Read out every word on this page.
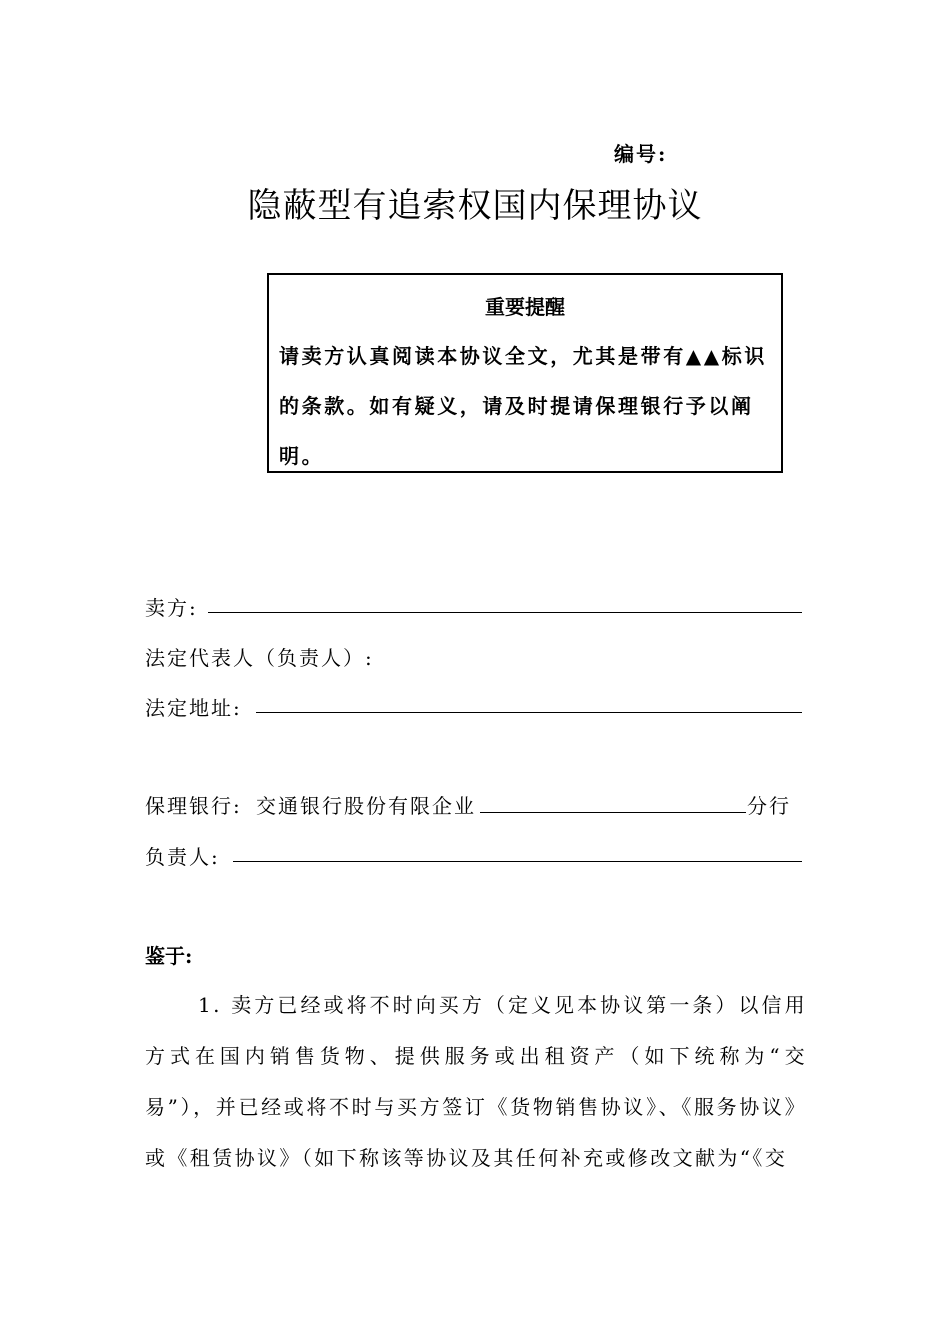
编号:
隐蔽型有追索权国内保理协议
重要提醒
请卖方认真阅读本协议全文，尤其是带有▲▲标识的条款。如有疑义，请及时提请保理银行予以阐明。
卖方:
法定代表人（负责人）:
法定地址:
保理银行: 交通银行股份有限企业	分行
负责人:
鉴于:
1. 卖方已经或将不时向买方（定义见本协议第一条）以信用方式在国内销售货物、提供服务或出租资产（如下统称为“交易”），并已经或将不时与买方签订《货物销售协议》、《服务协议》或《租赁协议》（如下称该等协议及其任何补充或修改文献为“《交
